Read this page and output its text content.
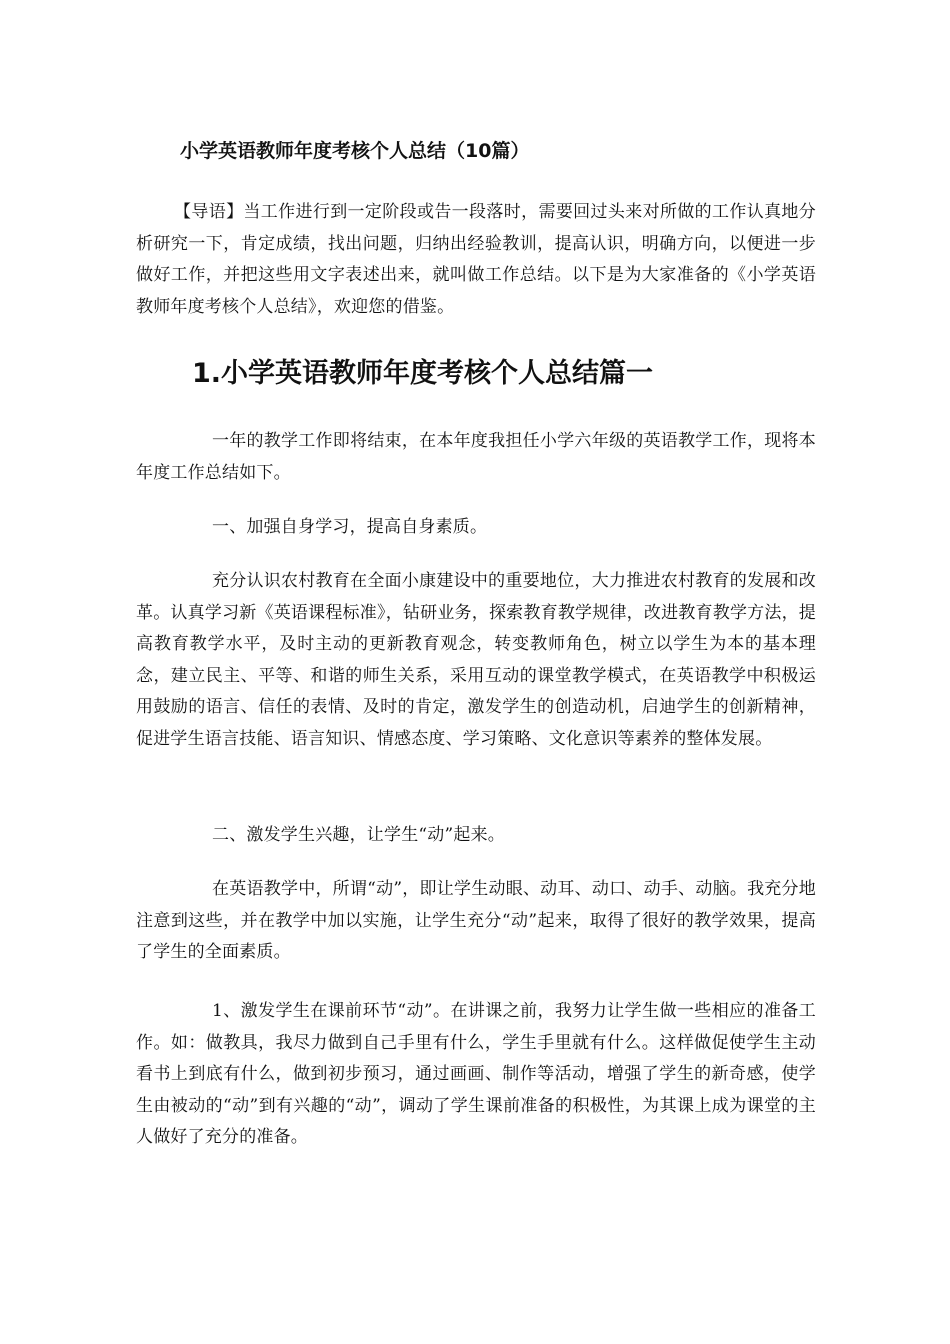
小学英语教师年度考核个人总结（10篇）
【导语】当工作进行到一定阶段或告一段落时，需要回过头来对所做的工作认真地分析研究一下，肯定成绩，找出问题，归纳出经验教训，提高认识，明确方向，以便进一步做好工作，并把这些用文字表述出来，就叫做工作总结。以下是为大家准备的《小学英语教师年度考核个人总结》，欢迎您的借鉴。
1.小学英语教师年度考核个人总结篇一
一年的教学工作即将结束，在本年度我担任小学六年级的英语教学工作，现将本年度工作总结如下。
一、加强自身学习，提高自身素质。
充分认识农村教育在全面小康建设中的重要地位，大力推进农村教育的发展和改革。认真学习新《英语课程标准》，钻研业务，探索教育教学规律，改进教育教学方法，提高教育教学水平，及时主动的更新教育观念，转变教师角色，树立以学生为本的基本理念，建立民主、平等、和谐的师生关系，采用互动的课堂教学模式，在英语教学中积极运用鼓励的语言、信任的表情、及时的肯定，激发学生的创造动机，启迪学生的创新精神，促进学生语言技能、语言知识、情感态度、学习策略、文化意识等素养的整体发展。
二、激发学生兴趣，让学生“动”起来。
在英语教学中，所谓“动”，即让学生动眼、动耳、动口、动手、动脑。我充分地注意到这些，并在教学中加以实施，让学生充分“动”起来，取得了很好的教学效果，提高了学生的全面素质。
1、激发学生在课前环节“动”。在讲课之前，我努力让学生做一些相应的准备工作。如：做教具，我尽力做到自己手里有什么，学生手里就有什么。这样做促使学生主动看书上到底有什么，做到初步预习，通过画画、制作等活动，增强了学生的新奇感，使学生由被动的“动”到有兴趣的“动”，调动了学生课前准备的积极性，为其课上成为课堂的主人做好了充分的准备。
